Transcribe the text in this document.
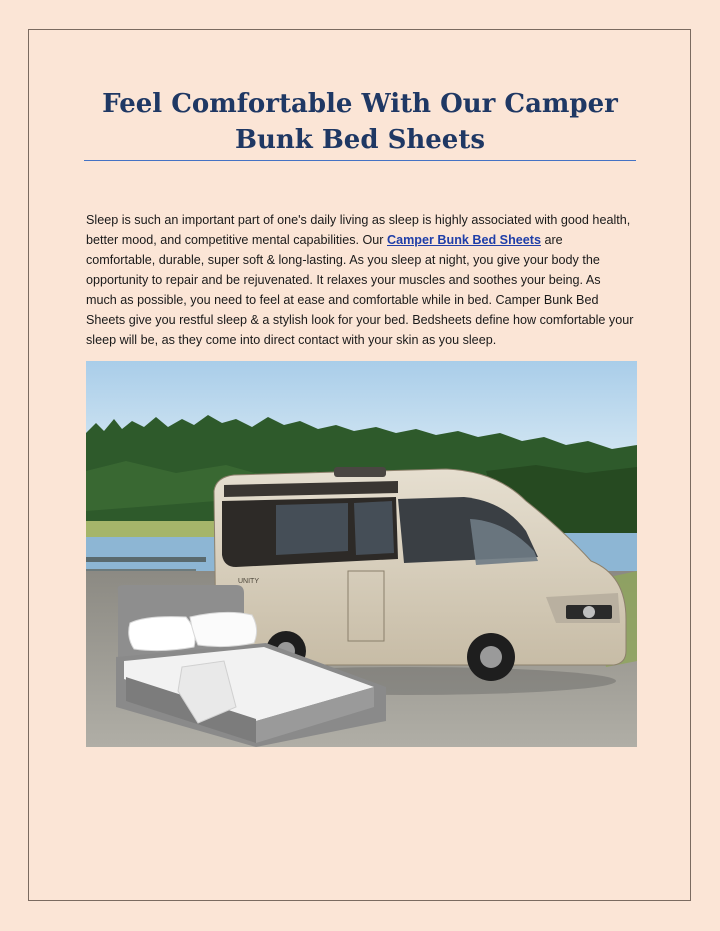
Feel Comfortable With Our Camper
Bunk Bed Sheets

Sleep is such an important part of one's daily living as sleep is highly associated with good health, better mood, and competitive mental capabilities. Our Camper Bunk Bed Sheets are comfortable, durable, super soft & long-lasting. As you sleep at night, you give your body the opportunity to repair and be rejuvenated. It relaxes your muscles and soothes your being. As much as possible, you need to feel at ease and comfortable while in bed. Camper Bunk Bed Sheets give you restful sleep & a stylish look for your bed. Bedsheets define how comfortable your sleep will be, as they come into direct contact with your skin as you sleep.

UNITY
